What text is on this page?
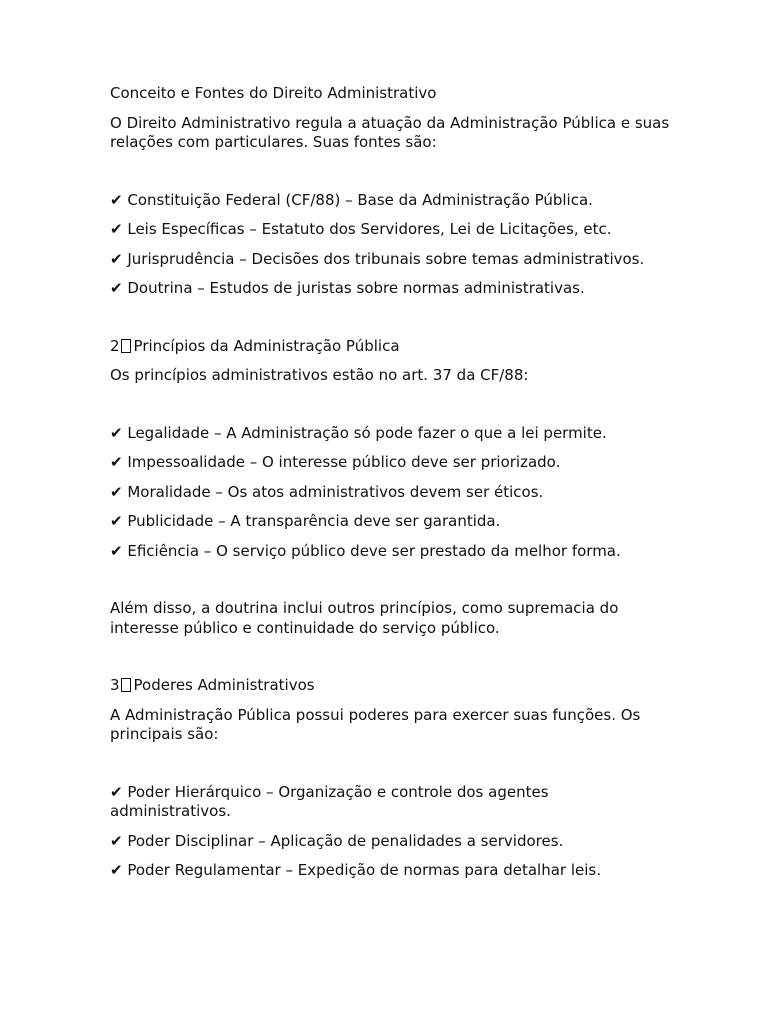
Conceito e Fontes do Direito Administrativo

O Direito Administrativo regula a atuação da Administração Pública e suas relações com particulares. Suas fontes são:

✔ Constituição Federal (CF/88) – Base da Administração Pública.

✔ Leis Específicas – Estatuto dos Servidores, Lei de Licitações, etc.

✔ Jurisprudência – Decisões dos tribunais sobre temas administrativos.

✔ Doutrina – Estudos de juristas sobre normas administrativas.

2 Princípios da Administração Pública

Os princípios administrativos estão no art. 37 da CF/88:

✔ Legalidade – A Administração só pode fazer o que a lei permite.

✔ Impessoalidade – O interesse público deve ser priorizado.

✔ Moralidade – Os atos administrativos devem ser éticos.

✔ Publicidade – A transparência deve ser garantida.

✔ Eficiência – O serviço público deve ser prestado da melhor forma.

Além disso, a doutrina inclui outros princípios, como supremacia do interesse público e continuidade do serviço público.

3 Poderes Administrativos

A Administração Pública possui poderes para exercer suas funções. Os principais são:

✔ Poder Hierárquico – Organização e controle dos agentes administrativos.

✔ Poder Disciplinar – Aplicação de penalidades a servidores.

✔ Poder Regulamentar – Expedição de normas para detalhar leis.
